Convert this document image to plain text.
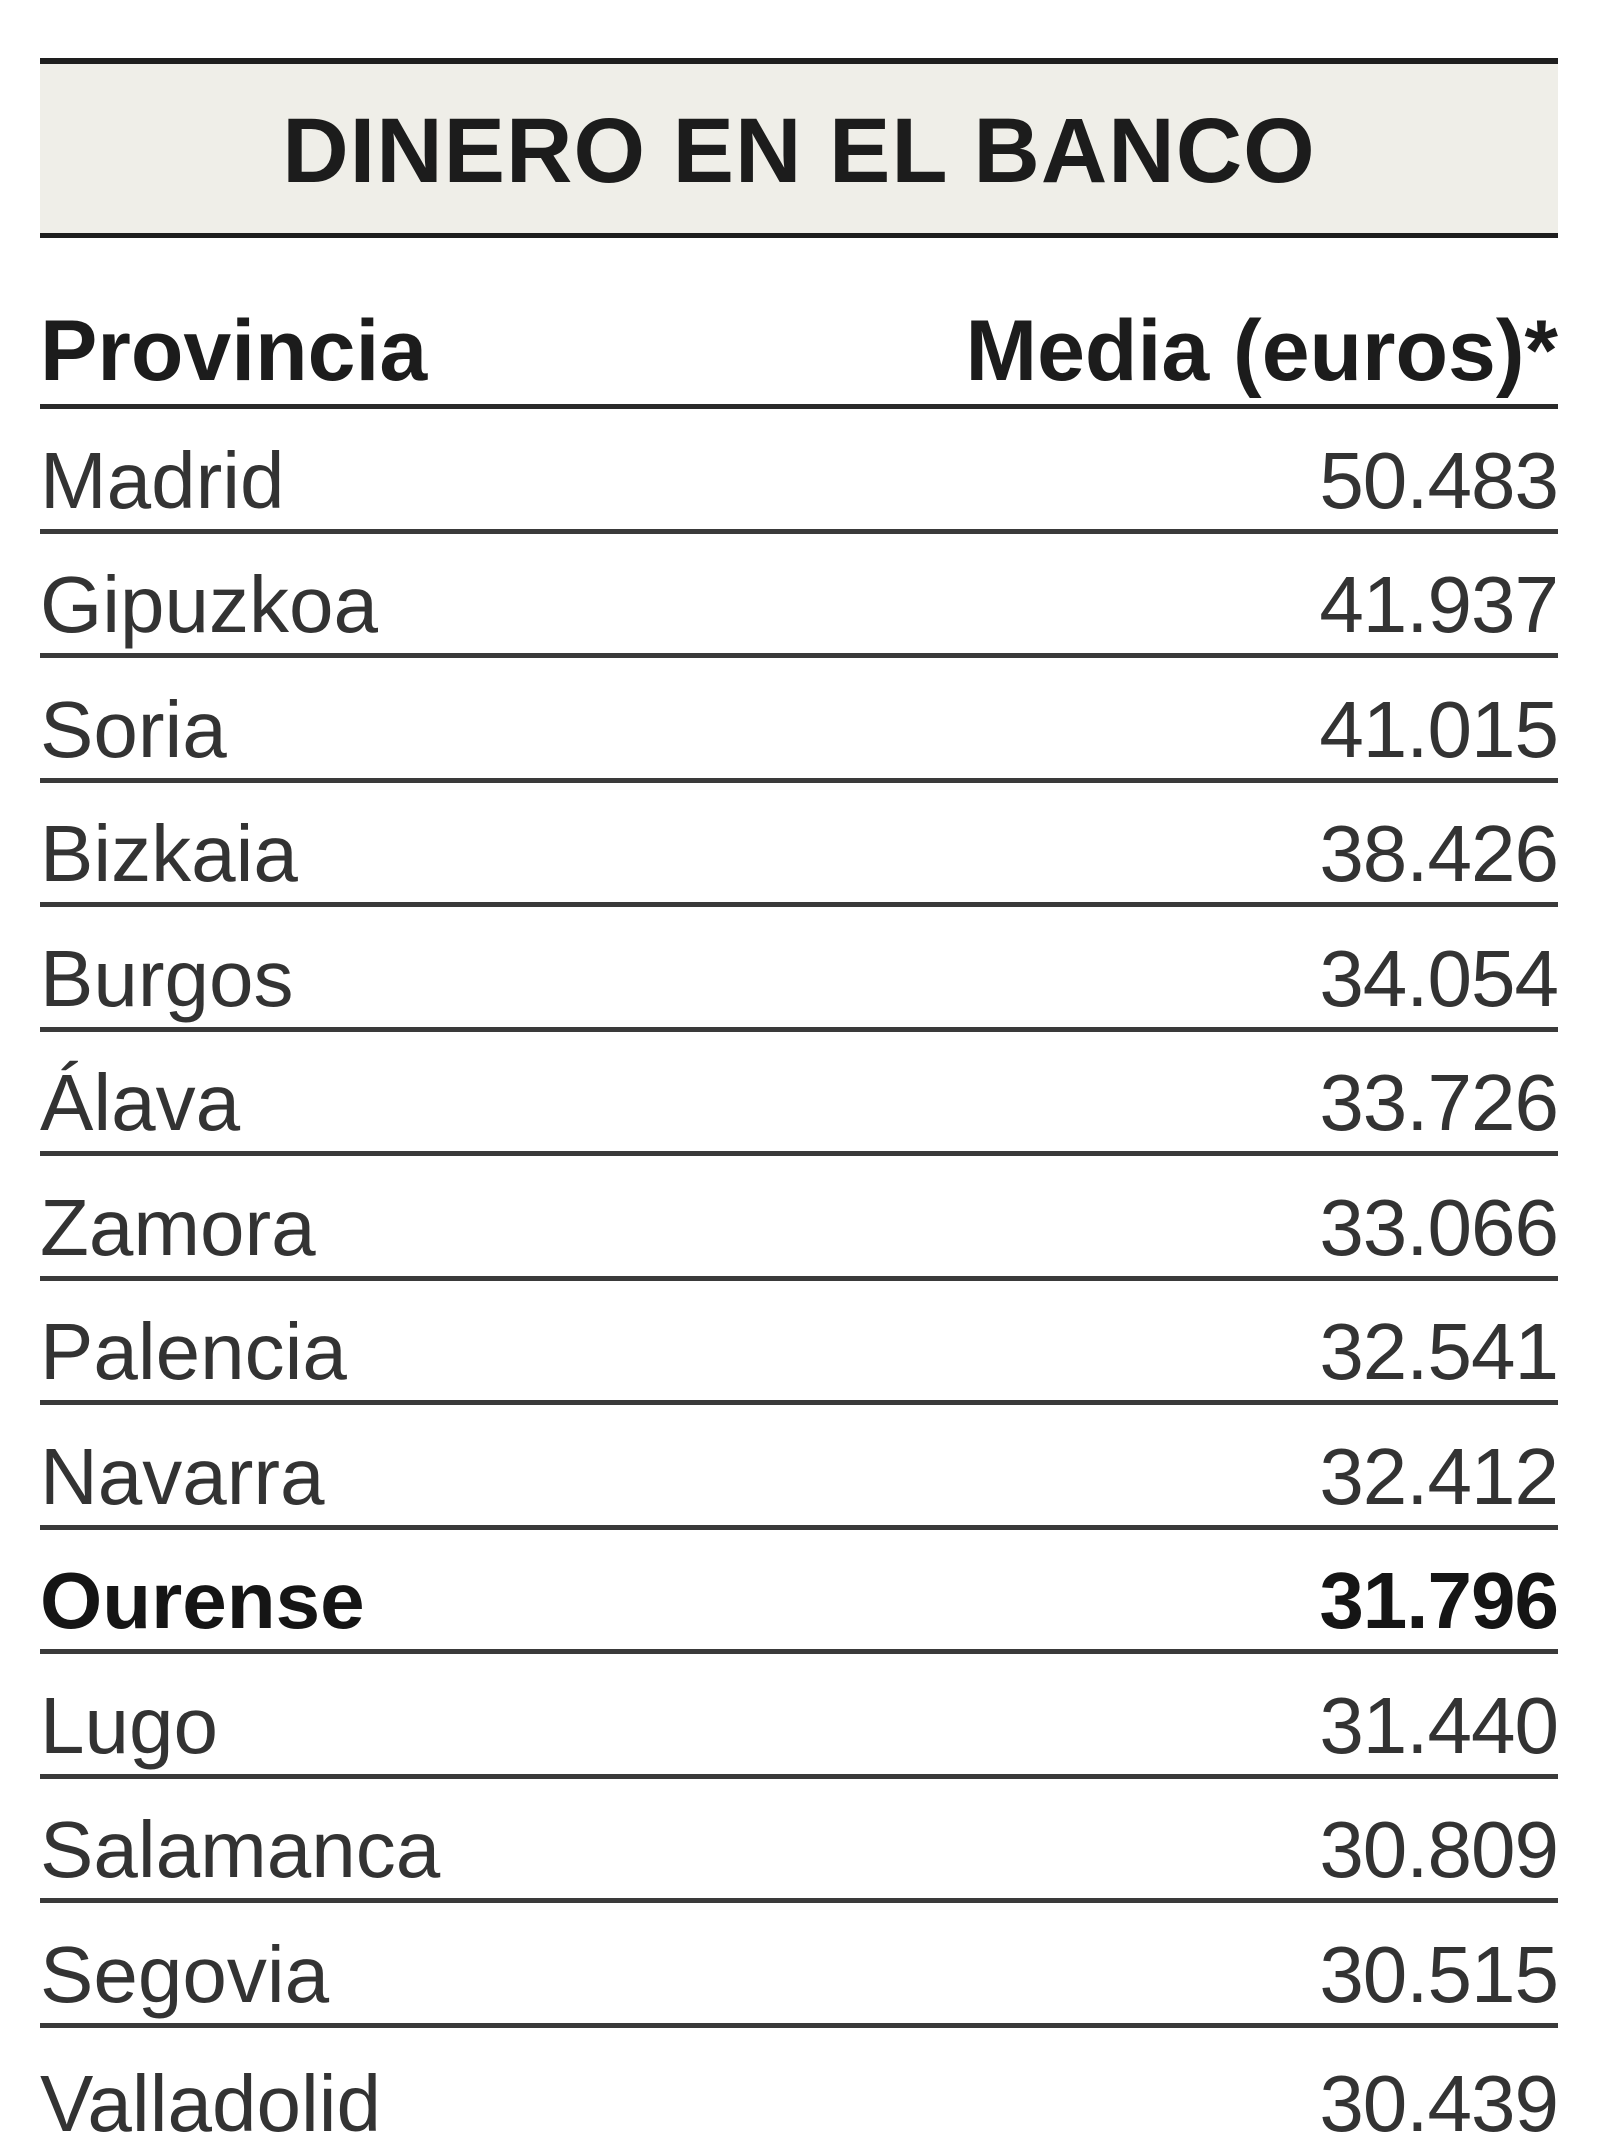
DINERO EN EL BANCO
Provincia	Media (euros)*
Madrid	50.483
Gipuzkoa	41.937
Soria	41.015
Bizkaia	38.426
Burgos	34.054
Álava	33.726
Zamora	33.066
Palencia	32.541
Navarra	32.412
Ourense	31.796
Lugo	31.440
Salamanca	30.809
Segovia	30.515
Valladolid	30.439
